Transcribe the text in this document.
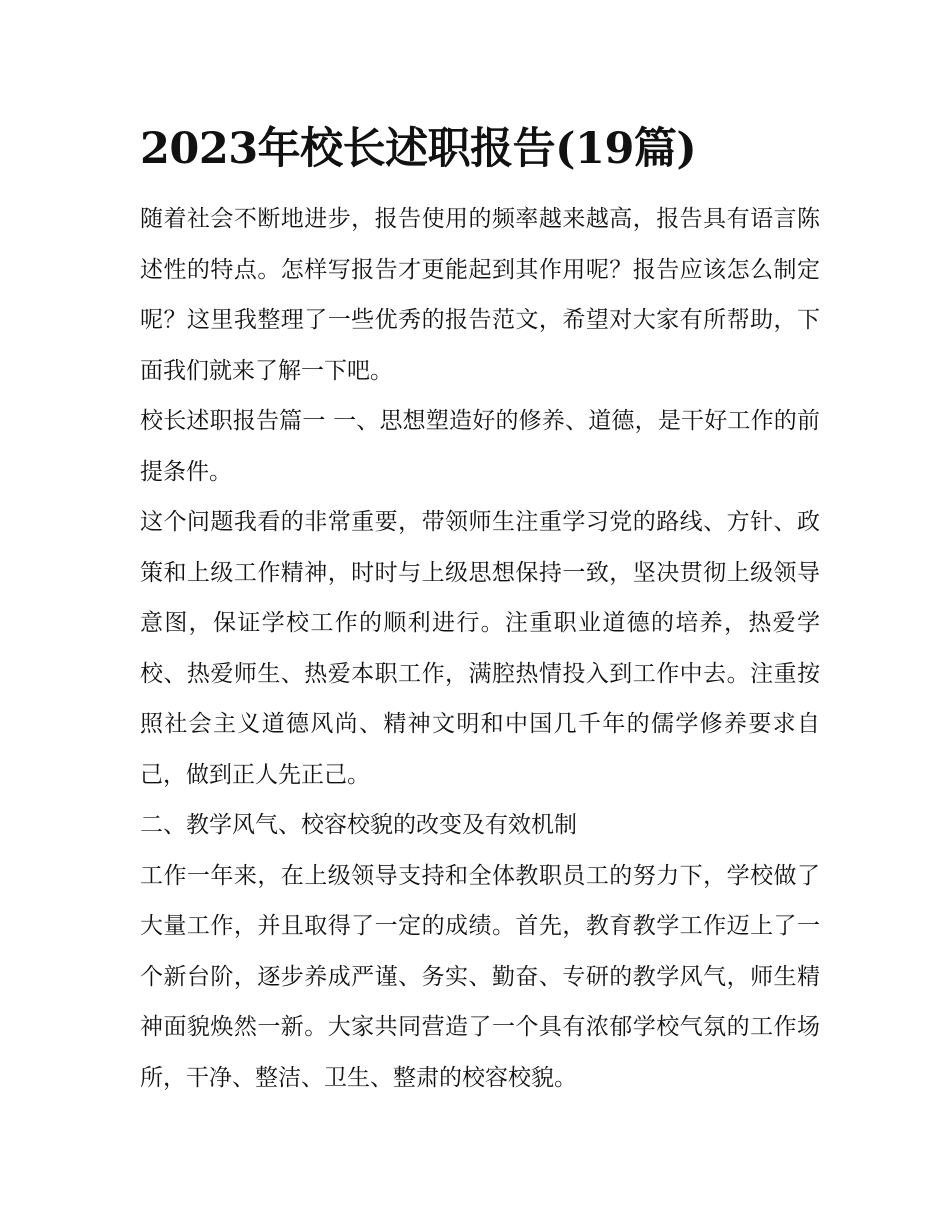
2023年校长述职报告(19篇)

随着社会不断地进步，报告使用的频率越来越高，报告具有语言陈述性的特点。怎样写报告才更能起到其作用呢？报告应该怎么制定呢？这里我整理了一些优秀的报告范文，希望对大家有所帮助，下面我们就来了解一下吧。

校长述职报告篇一 一、思想塑造好的修养、道德，是干好工作的前提条件。

这个问题我看的非常重要，带领师生注重学习党的路线、方针、政策和上级工作精神，时时与上级思想保持一致，坚决贯彻上级领导意图，保证学校工作的顺利进行。注重职业道德的培养，热爱学校、热爱师生、热爱本职工作，满腔热情投入到工作中去。注重按照社会主义道德风尚、精神文明和中国几千年的儒学修养要求自己，做到正人先正己。

二、教学风气、校容校貌的改变及有效机制

工作一年来，在上级领导支持和全体教职员工的努力下，学校做了大量工作，并且取得了一定的成绩。首先，教育教学工作迈上了一个新台阶，逐步养成严谨、务实、勤奋、专研的教学风气，师生精神面貌焕然一新。大家共同营造了一个具有浓郁学校气氛的工作场所，干净、整洁、卫生、整肃的校容校貌。
